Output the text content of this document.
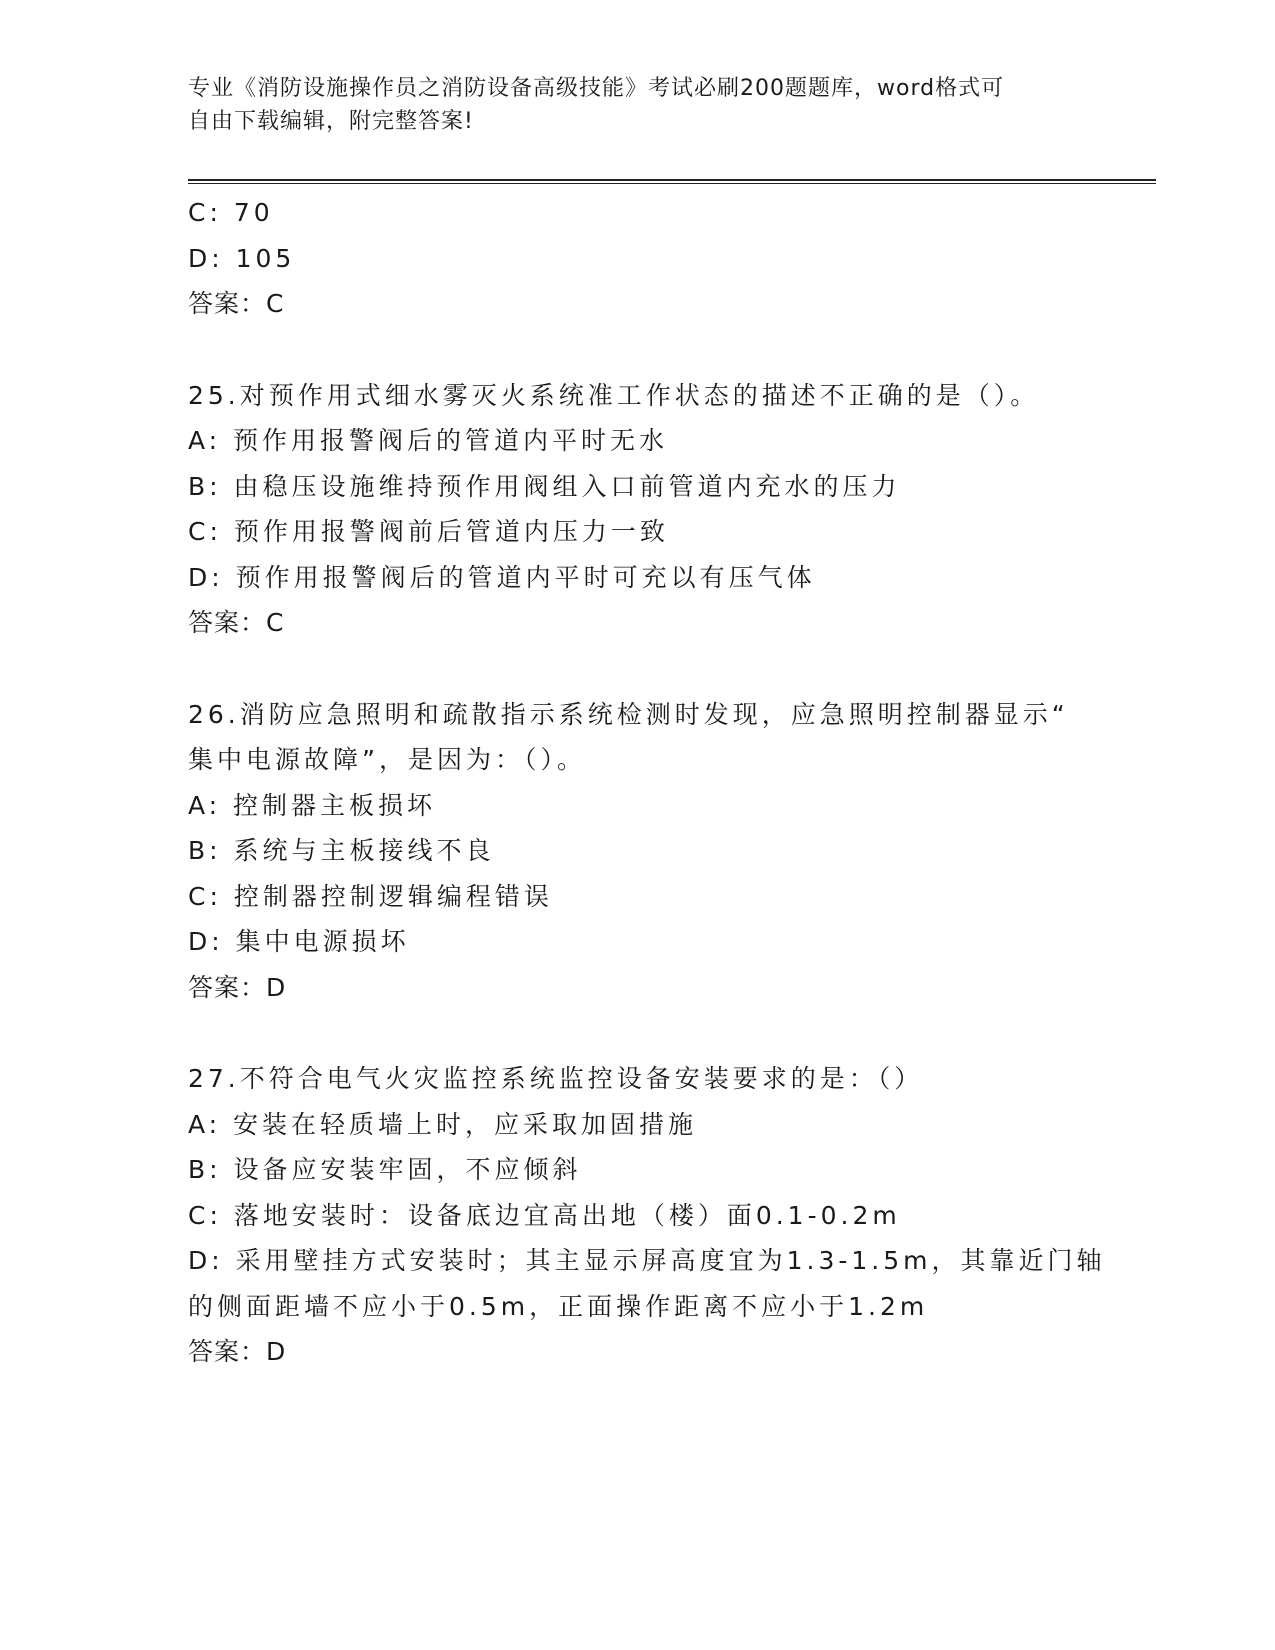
专业《消防设施操作员之消防设备高级技能》考试必刷200题题库，word格式可
自由下载编辑，附完整答案!
C: 70
D: 105
答案：C
25.对预作用式细水雾灭火系统准工作状态的描述不正确的是（）。
A: 预作用报警阀后的管道内平时无水
B: 由稳压设施维持预作用阀组入口前管道内充水的压力
C: 预作用报警阀前后管道内压力一致
D: 预作用报警阀后的管道内平时可充以有压气体
答案：C
26.消防应急照明和疏散指示系统检测时发现，应急照明控制器显示“
集中电源故障”，是因为：（）。
A: 控制器主板损坏
B: 系统与主板接线不良
C: 控制器控制逻辑编程错误
D: 集中电源损坏
答案：D
27.不符合电气火灾监控系统监控设备安装要求的是：（）
A: 安装在轻质墙上时，应采取加固措施
B: 设备应安装牢固，不应倾斜
C: 落地安装时：设备底边宜高出地（楼）面0.1-0.2m
D: 采用壁挂方式安装时；其主显示屏高度宜为1.3-1.5m，其靠近门轴
的侧面距墙不应小于0.5m，正面操作距离不应小于1.2m
答案：D
